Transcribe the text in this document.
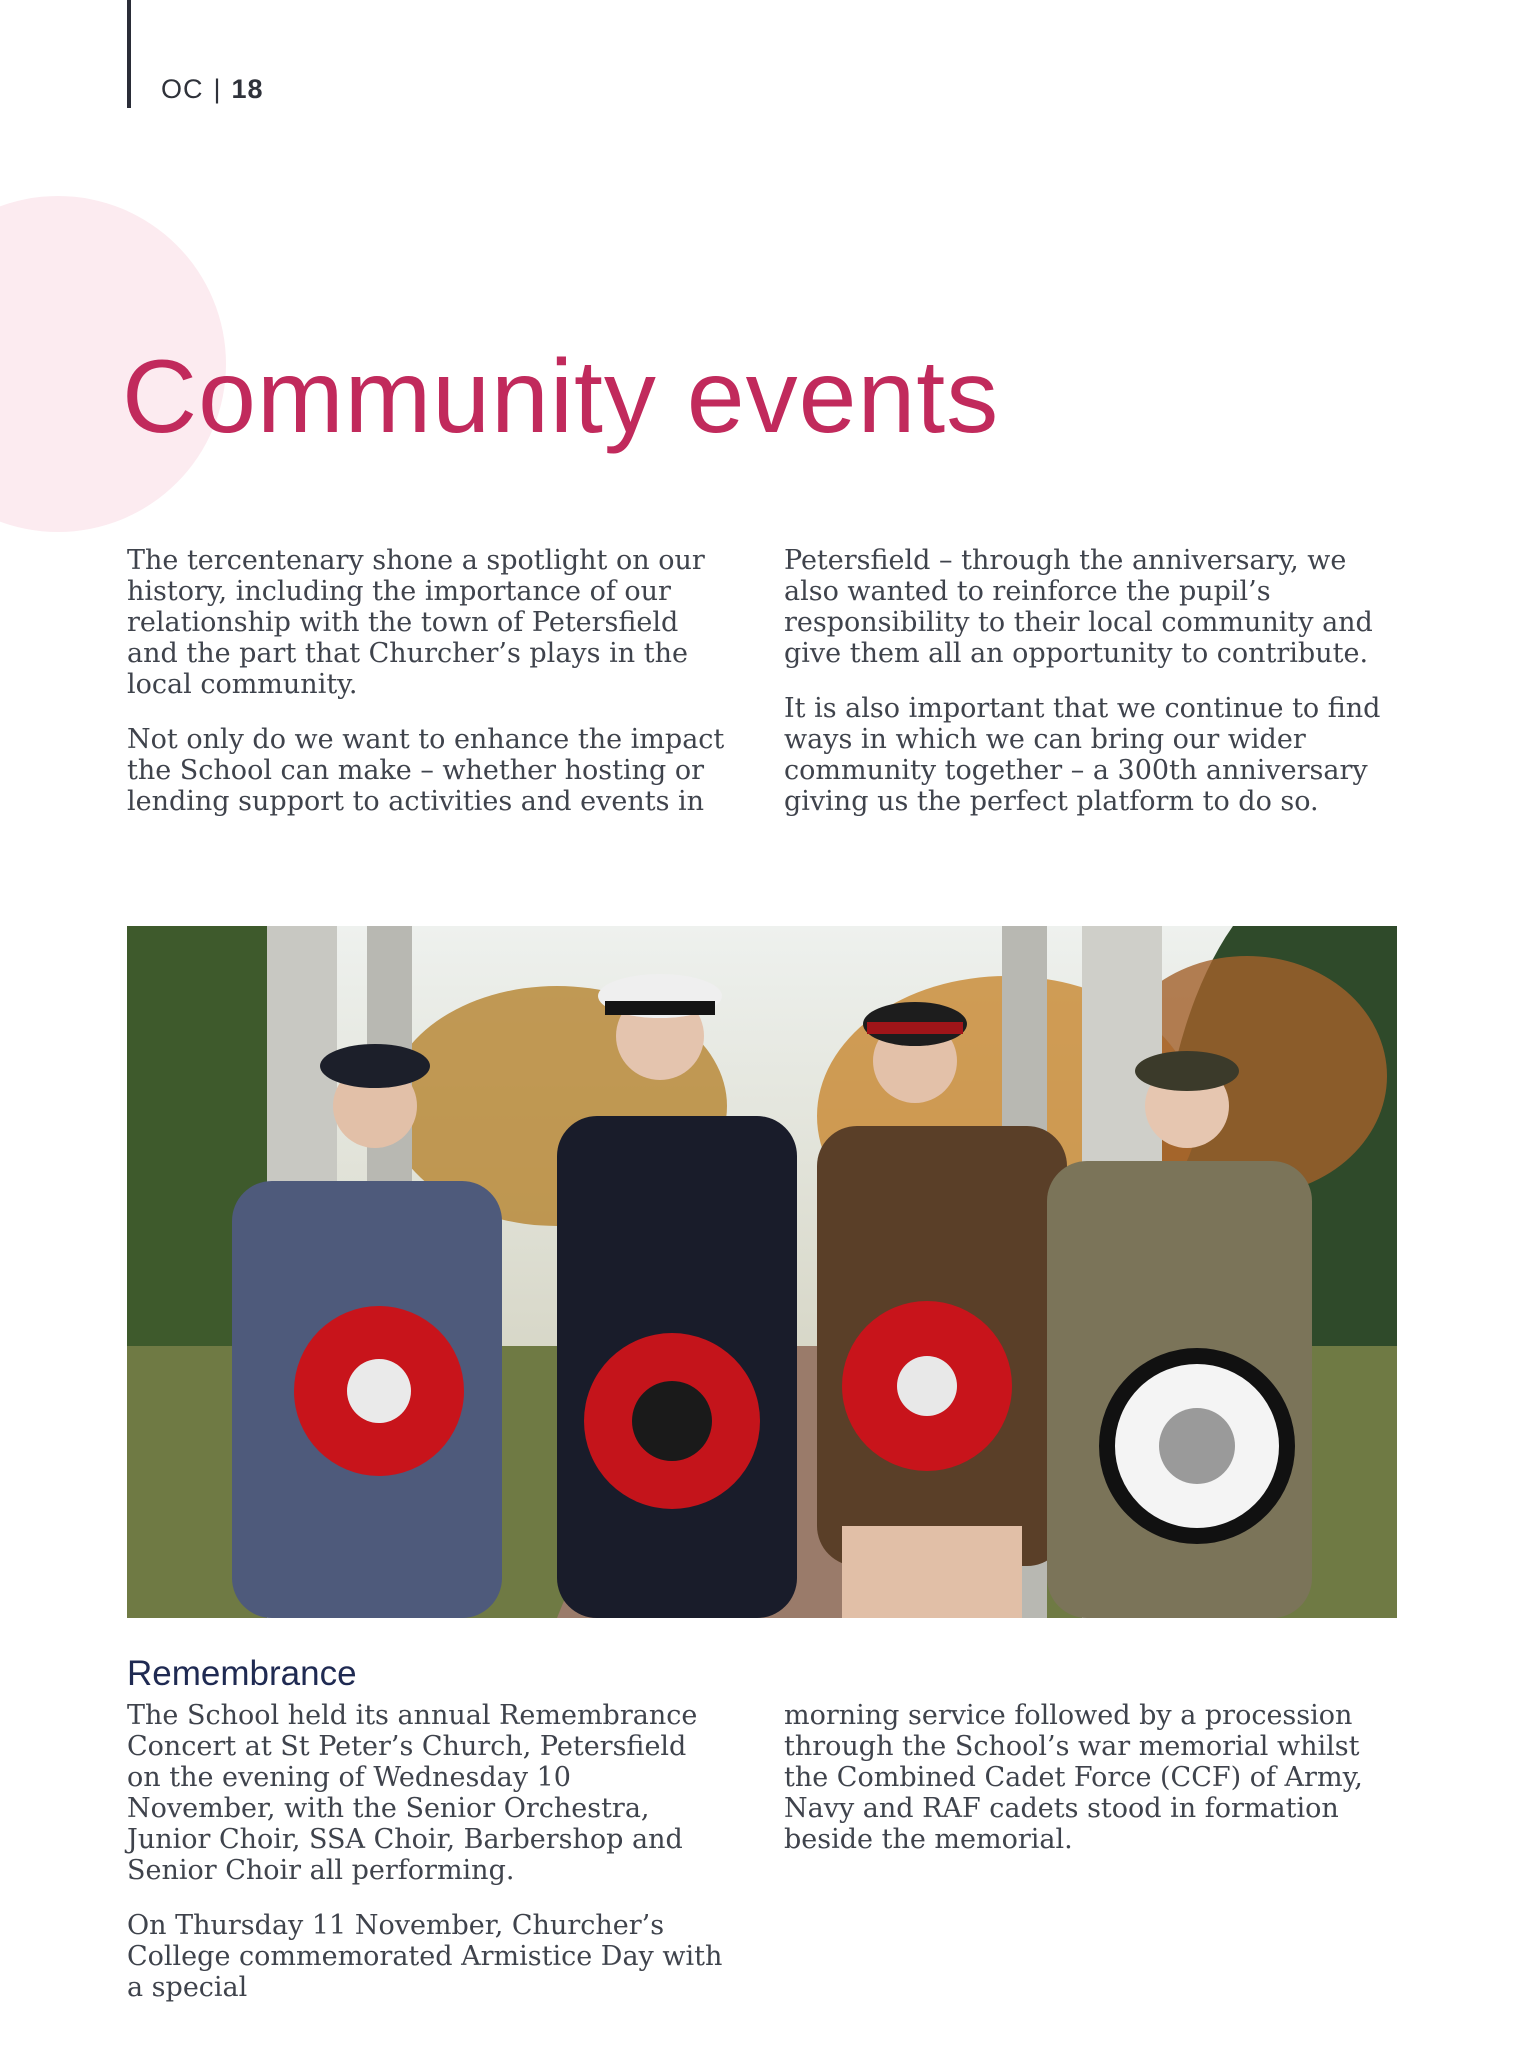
OC | 18
Community events

The tercentenary shone a spotlight on our history, including the importance of our relationship with the town of Petersfield and the part that Churcher’s plays in the local community.

Not only do we want to enhance the impact the School can make – whether hosting or lending support to activities and events in

Petersfield – through the anniversary, we also wanted to reinforce the pupil’s responsibility to their local community and give them all an opportunity to contribute.

It is also important that we continue to find ways in which we can bring our wider community together – a 300th anniversary giving us the perfect platform to do so.

Remembrance

The School held its annual Remembrance Concert at St Peter’s Church, Petersfield on the evening of Wednesday 10 November, with the Senior Orchestra, Junior Choir, SSA Choir, Barbershop and Senior Choir all performing.

On Thursday 11 November, Churcher’s College commemorated Armistice Day with a special

morning service followed by a procession through the School’s war memorial whilst the Combined Cadet Force (CCF) of Army, Navy and RAF cadets stood in formation beside the memorial.
